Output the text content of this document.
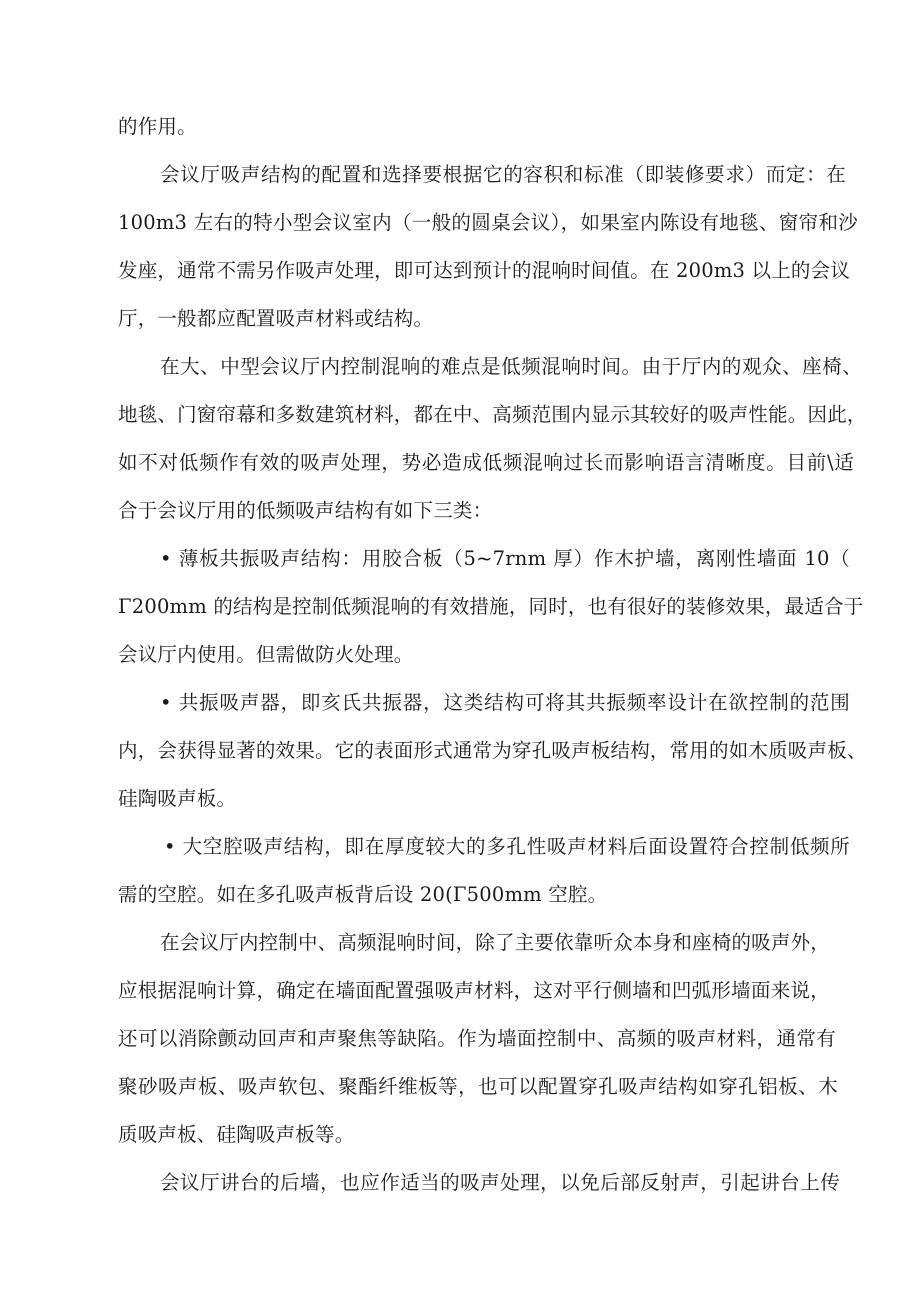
的作用。
会议厅吸声结构的配置和选择要根据它的容积和标准（即装修要求）而定：在
100m3 左右的特小型会议室内（一般的圆桌会议），如果室内陈设有地毯、窗帘和沙
发座，通常不需另作吸声处理，即可达到预计的混响时间值。在 200m3 以上的会议
厅，一般都应配置吸声材料或结构。
在大、中型会议厅内控制混响的难点是低频混响时间。由于厅内的观众、座椅、
地毯、门窗帘幕和多数建筑材料，都在中、高频范围内显示其较好的吸声性能。因此，
如不对低频作有效的吸声处理，势必造成低频混响过长而影响语言清晰度。目前\适
合于会议厅用的低频吸声结构有如下三类：
• 薄板共振吸声结构：用胶合板（5~7rnm 厚）作木护墙，离刚性墙面 10（
Γ200mm 的结构是控制低频混响的有效措施，同时，也有很好的装修效果，最适合于
会议厅内使用。但需做防火处理。
• 共振吸声器，即亥氏共振器，这类结构可将其共振频率设计在欲控制的范围
内，会获得显著的效果。它的表面形式通常为穿孔吸声板结构，常用的如木质吸声板、
硅陶吸声板。
• 大空腔吸声结构，即在厚度较大的多孔性吸声材料后面设置符合控制低频所
需的空腔。如在多孔吸声板背后设 20(Γ500mm 空腔。
在会议厅内控制中、高频混响时间，除了主要依靠听众本身和座椅的吸声外，
应根据混响计算，确定在墙面配置强吸声材料，这对平行侧墙和凹弧形墙面来说，
还可以消除颤动回声和声聚焦等缺陷。作为墙面控制中、高频的吸声材料，通常有
聚砂吸声板、吸声软包、聚酯纤维板等，也可以配置穿孔吸声结构如穿孔铝板、木
质吸声板、硅陶吸声板等。
会议厅讲台的后墙，也应作适当的吸声处理，以免后部反射声，引起讲台上传
